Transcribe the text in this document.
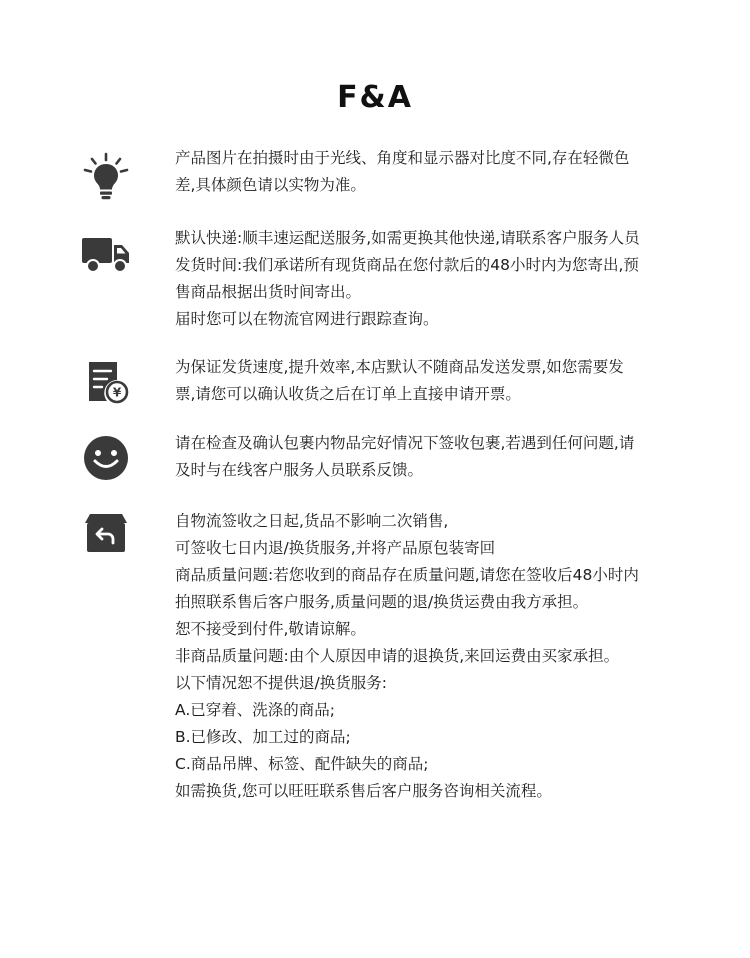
F&A
产品图片在拍摄时由于光线、角度和显示器对比度不同,存在轻微色
差,具体颜色请以实物为准。
默认快递:顺丰速运配送服务,如需更换其他快递,请联系客户服务人员
发货时间:我们承诺所有现货商品在您付款后的48小时内为您寄出,预
售商品根据出货时间寄出。
届时您可以在物流官网进行跟踪查询。
¥
为保证发货速度,提升效率,本店默认不随商品发送发票,如您需要发
票,请您可以确认收货之后在订单上直接申请开票。
请在检查及确认包裹内物品完好情况下签收包裹,若遇到任何问题,请
及时与在线客户服务人员联系反馈。
自物流签收之日起,货品不影响二次销售,
可签收七日内退/换货服务,并将产品原包装寄回
商品质量问题:若您收到的商品存在质量问题,请您在签收后48小时内
拍照联系售后客户服务,质量问题的退/换货运费由我方承担。
恕不接受到付件,敬请谅解。
非商品质量问题:由个人原因申请的退换货,来回运费由买家承担。
以下情况恕不提供退/换货服务:
A.已穿着、洗涤的商品;
B.已修改、加工过的商品;
C.商品吊牌、标签、配件缺失的商品;
如需换货,您可以旺旺联系售后客户服务咨询相关流程。
